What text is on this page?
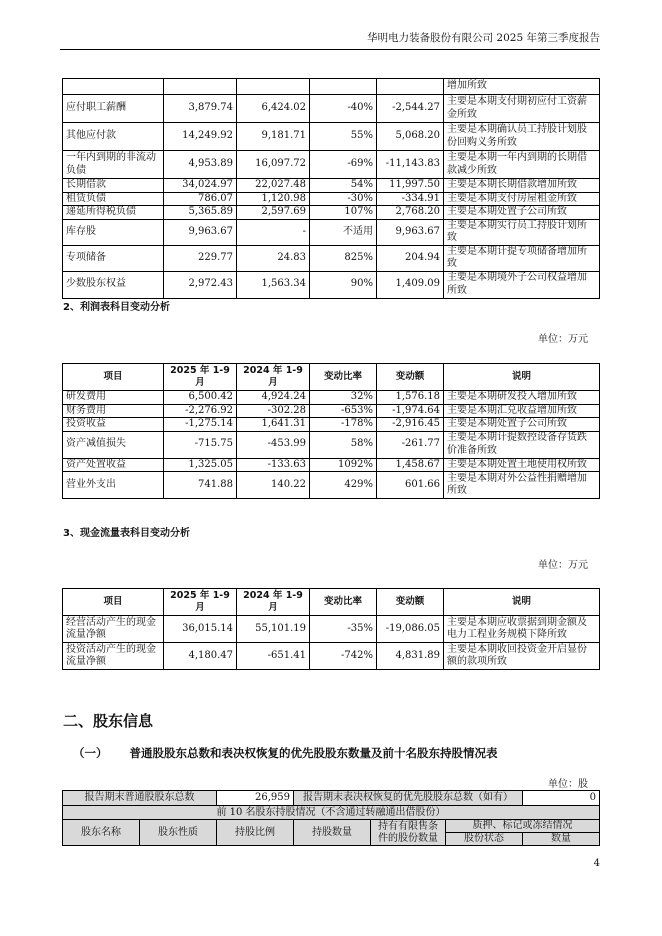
华明电力装备股份有限公司 2025 年第三季度报告
					增加所致
应付职工薪酬	3,879.74	6,424.02	-40%	-2,544.27	主要是本期支付期初应付工资薪金所致
其他应付款	14,249.92	9,181.71	55%	5,068.20	主要是本期确认员工持股计划股份回购义务所致
一年内到期的非流动负债	4,953.89	16,097.72	-69%	-11,143.83	主要是本期一年内到期的长期借款减少所致
长期借款	34,024.97	22,027.48	54%	11,997.50	主要是本期长期借款增加所致
租赁负债	786.07	1,120.98	-30%	-334.91	主要是本期支付房屋租金所致
递延所得税负债	5,365.89	2,597.69	107%	2,768.20	主要是本期处置子公司所致
库存股	9,963.67	-	不适用	9,963.67	主要是本期实行员工持股计划所致
专项储备	229.77	24.83	825%	204.94	主要是本期计提专项储备增加所致
少数股东权益	2,972.43	1,563.34	90%	1,409.09	主要是本期境外子公司权益增加所致
2、利润表科目变动分析
单位：万元
项目	2025 年 1-9 月	2024 年 1-9 月	变动比率	变动额	说明
研发费用	6,500.42	4,924.24	32%	1,576.18	主要是本期研发投入增加所致
财务费用	-2,276.92	-302.28	-653%	-1,974.64	主要是本期汇兑收益增加所致
投资收益	-1,275.14	1,641.31	-178%	-2,916.45	主要是本期处置子公司所致
资产减值损失	-715.75	-453.99	58%	-261.77	主要是本期计提数控设备存货跌价准备所致
资产处置收益	1,325.05	-133.63	1092%	1,458.67	主要是本期处置土地使用权所致
营业外支出	741.88	140.22	429%	601.66	主要是本期对外公益性捐赠增加所致
3、现金流量表科目变动分析
单位：万元
项目	2025 年 1-9 月	2024 年 1-9 月	变动比率	变动额	说明
经营活动产生的现金流量净额	36,015.14	55,101.19	-35%	-19,086.05	主要是本期应收票据到期金额及电力工程业务规模下降所致
投资活动产生的现金流量净额	4,180.47	-651.41	-742%	4,831.89	主要是本期收回投资金开启显份额的款项所致
二、股东信息
（一） 普通股股东总数和表决权恢复的优先股股东数量及前十名股东持股情况表
单位：股
报告期末普通股股东总数		26,959	报告期末表决权恢复的优先股股东总数（如有）			0
前 10 名股东持股情况（不含通过转融通出借股份）						
股东名称	股东性质	持股比例	持股数量	持有有限售条件的股份数量	质押、标记或冻结情况	
					股份状态	数量
4
